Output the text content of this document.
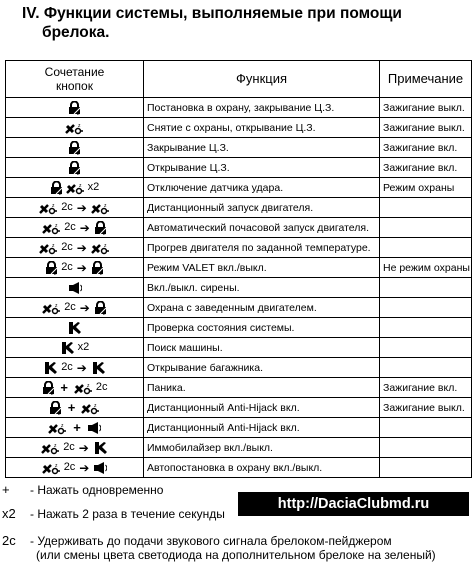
IV. Функции системы, выполняемые при помощи
брелока.
Сочетание
кнопок	Функция	Примечание
	Постановка в охрану, закрывание Ц.З.	Зажигание выкл.
	Снятие с охраны, открывание Ц.З.	Зажигание выкл.
	Закрывание Ц.З.	Зажигание вкл.
	Открывание Ц.З.	Зажигание вкл.
x2	Отключение датчика удара.	Режим охраны
2c ➔	Дистанционный запуск двигателя.	
2c ➔	Автоматический почасовой запуск двигателя.	
2c ➔	Прогрев двигателя по заданной температуре.	
2c ➔	Режим VALET вкл./выкл.	Не режим охраны
	Вкл./выкл. сирены.	
2c ➔	Охрана с заведенным двигателем.	
	Проверка состояния системы.	
x2	Поиск машины.	
2c ➔	Открывание багажника.	
+ 2c	Паника.	Зажигание вкл.
+	Дистанционный Anti-Hijack вкл.	Зажигание выкл.
+	Дистанционный Anti-Hijack вкл.	
2c ➔	Иммобилайзер вкл./выкл.	
2c ➔	Автопостановка в охрану вкл./выкл.	
+ - Нажать одновременно
x2 - Нажать 2 раза в течение секунды
2c - Удерживать до подачи звукового сигнала брелоком-пейджером
(или смены цвета светодиода на дополнительном брелоке на зеленый)
http://DaciaClubmd.ru
